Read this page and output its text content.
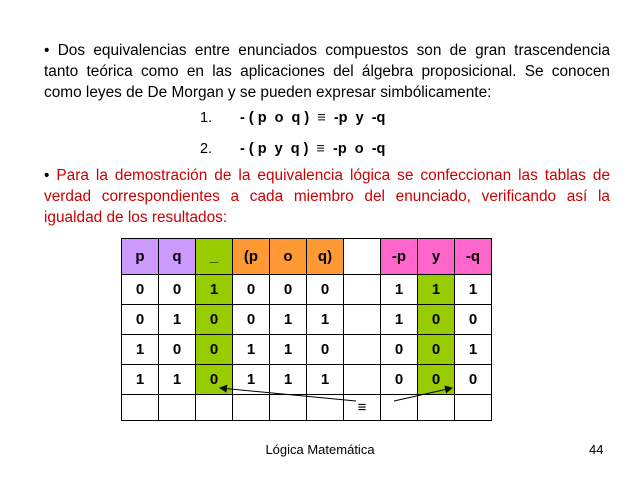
• Dos equivalencias entre enunciados compuestos son de gran trascendencia tanto teórica como en las aplicaciones del álgebra proposicional. Se conocen como leyes de De Morgan y se pueden expresar simbólicamente:
1. - ( p  o  q )  ≡  -p  y  -q
2. - ( p  y  q )  ≡  -p  o  -q
• Para la demostración de la equivalencia lógica se confeccionan las tablas de verdad correspondientes a cada miembro del enunciado, verificando así la igualdad de los resultados:
p	q	_	(p	o	q)		-p	y	-q
0	0	1	0	0	0		1	1	1
0	1	0	0	1	1		1	0	0
1	0	0	1	1	0		0	0	1
1	1	0	1	1	1		0	0	0
						≡			
Lógica Matemática	44
